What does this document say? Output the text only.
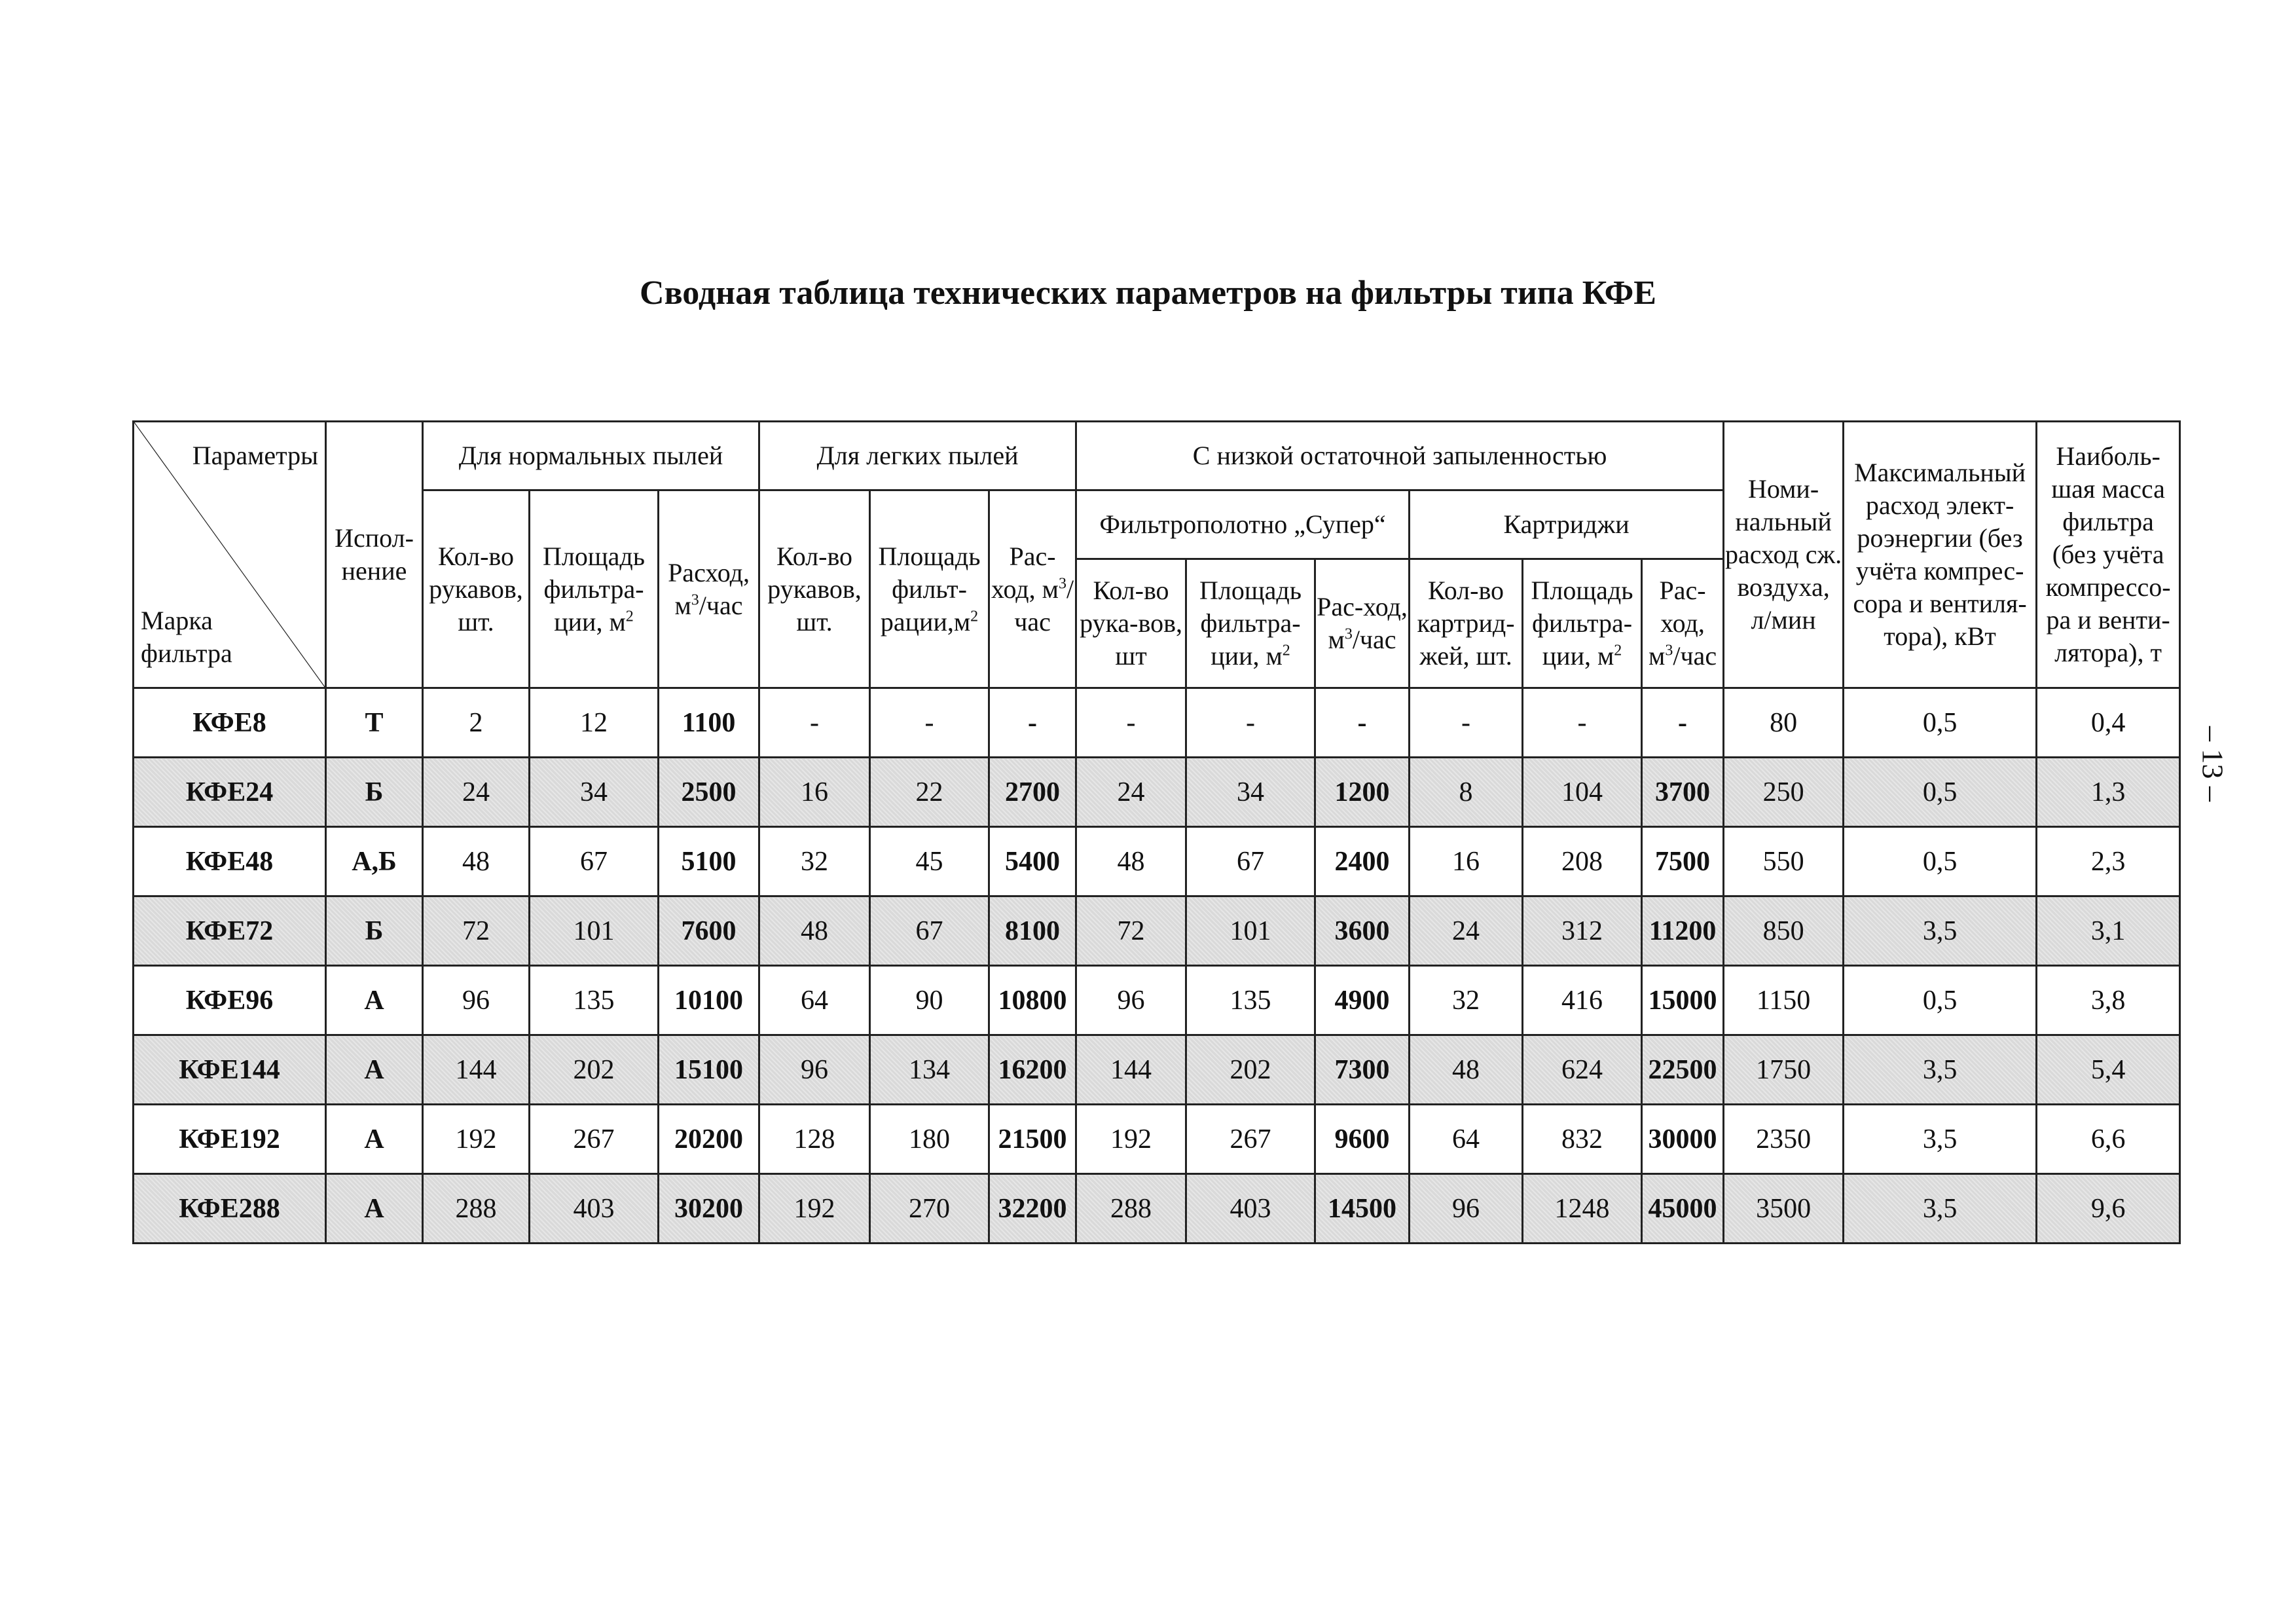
Сводная таблица технических параметров на фильтры типа КФЕ
– 13 –
Параметры
Марка
фильтра	Испол-нение	Для нормальных пылей			Для легких пылей			С низкой остаточной запыленностью						Номи-нальный расход сж. воздуха, л/мин	Максимальный расход элект-роэнергии (без учёта компрес-сора и вентиля-тора), кВт	Наиболь-шая масса фильтра (без учёта компрессо-ра и венти-лятора), т
		Кол-во рукавов, шт.	Площадь фильтра-ции, $м^2$	Расход, $м^3$/час	Кол-во рукавов, шт.	Площадь фильт-$рации,м^2$	Рас-ход, $м^3$/час	Фильтрополотно „Супер“			Картриджи					
								Кол-во рука-вов, шт	Площадь фильтра-ции, $м^2$	Рас-ход, $м^3$/час	Кол-во картрид-жей, шт.	Площадь фильтра-ции, $м^2$	Рас-ход, $м^3$/час			
КФЕ8	Т	2	12	1100	-	-	-	-	-	-	-	-	-	80	0,5	0,4
КФЕ24	Б	24	34	2500	16	22	2700	24	34	1200	8	104	3700	250	0,5	1,3
КФЕ48	А,Б	48	67	5100	32	45	5400	48	67	2400	16	208	7500	550	0,5	2,3
КФЕ72	Б	72	101	7600	48	67	8100	72	101	3600	24	312	11200	850	3,5	3,1
КФЕ96	А	96	135	10100	64	90	10800	96	135	4900	32	416	15000	1150	0,5	3,8
КФЕ144	А	144	202	15100	96	134	16200	144	202	7300	48	624	22500	1750	3,5	5,4
КФЕ192	А	192	267	20200	128	180	21500	192	267	9600	64	832	30000	2350	3,5	6,6
КФЕ288	А	288	403	30200	192	270	32200	288	403	14500	96	1248	45000	3500	3,5	9,6
